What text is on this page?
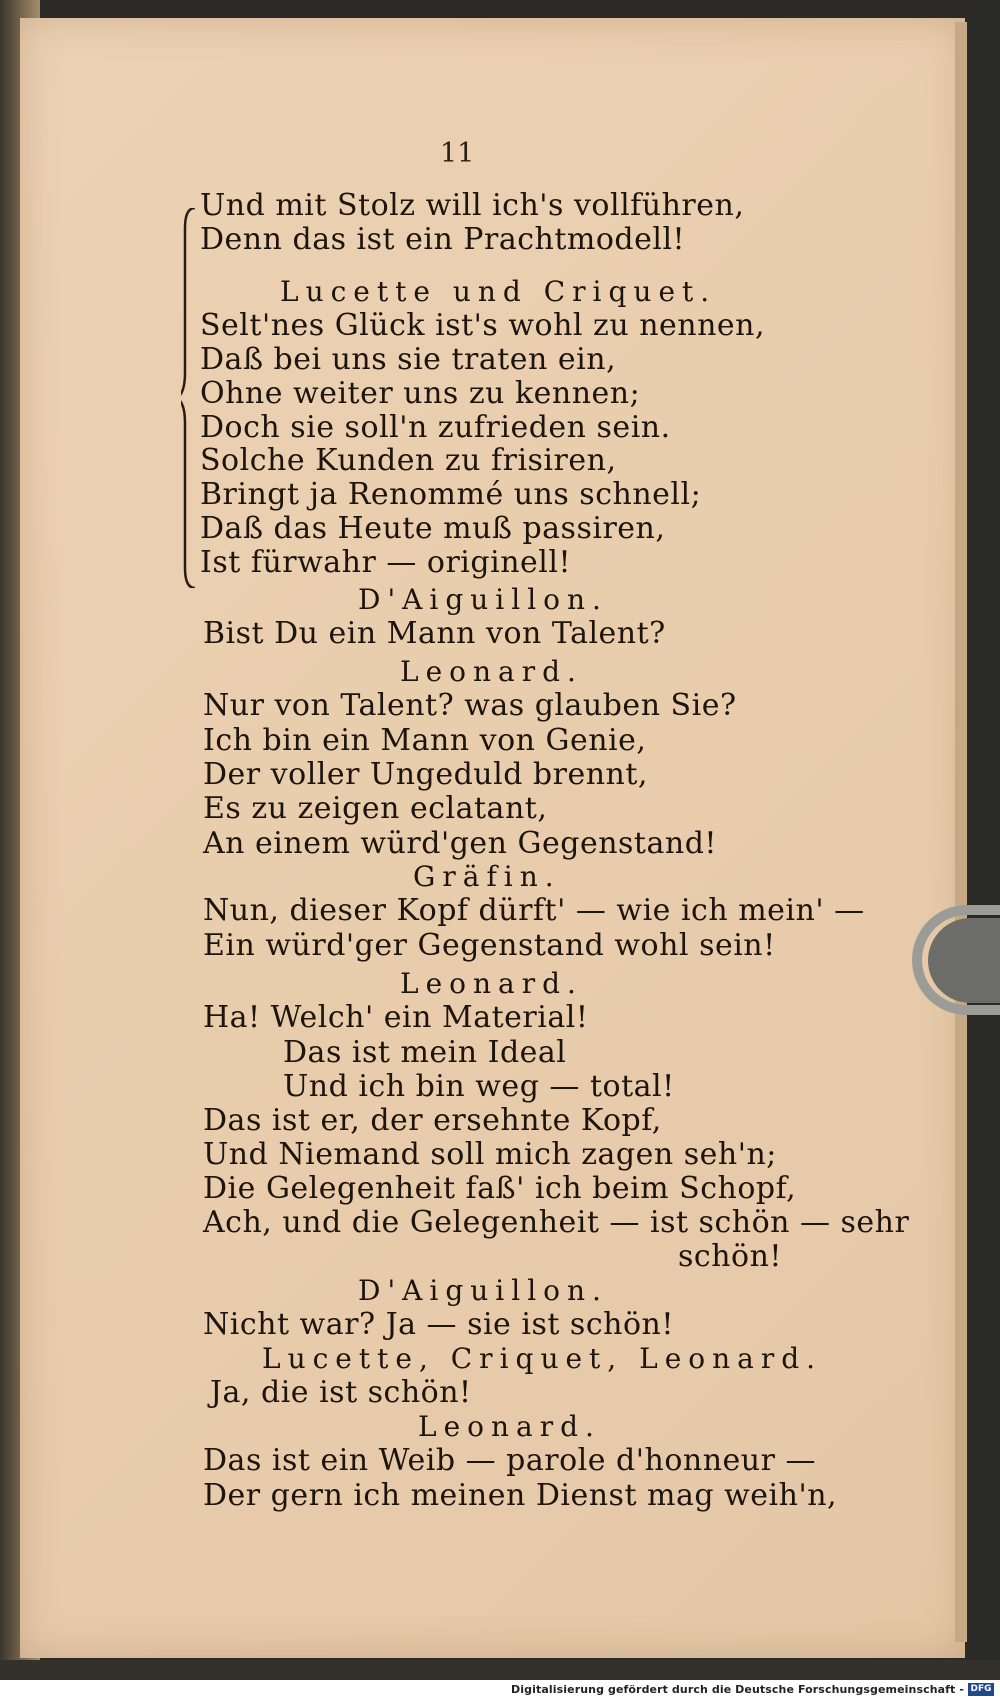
11
Und mit Stolz will ich's vollführen,
Denn das ist ein Prachtmodell!
Lucette und Criquet.
Selt'nes Glück ist's wohl zu nennen,
Daß bei uns sie traten ein,
Ohne weiter uns zu kennen;
Doch sie soll'n zufrieden sein.
Solche Kunden zu frisiren,
Bringt ja Renommé uns schnell;
Daß das Heute muß passiren,
Ist fürwahr — originell!
D'Aiguillon.
Bist Du ein Mann von Talent?
Leonard.
Nur von Talent? was glauben Sie?
Ich bin ein Mann von Genie,
Der voller Ungeduld brennt,
Es zu zeigen eclatant,
An einem würd'gen Gegenstand!
Gräfin.
Nun, dieser Kopf dürft' — wie ich mein' —
Ein würd'ger Gegenstand wohl sein!
Leonard.
Ha! Welch' ein Material!
Das ist mein Ideal
Und ich bin weg — total!
Das ist er, der ersehnte Kopf,
Und Niemand soll mich zagen seh'n;
Die Gelegenheit faß' ich beim Schopf,
Ach, und die Gelegenheit — ist schön — sehr
schön!
D'Aiguillon.
Nicht war? Ja — sie ist schön!
Lucette, Criquet, Leonard.
Ja, die ist schön!
Leonard.
Das ist ein Weib — parole d'honneur —
Der gern ich meinen Dienst mag weih'n,
Digitalisierung gefördert durch die Deutsche Forschungsgemeinschaft - DFG
